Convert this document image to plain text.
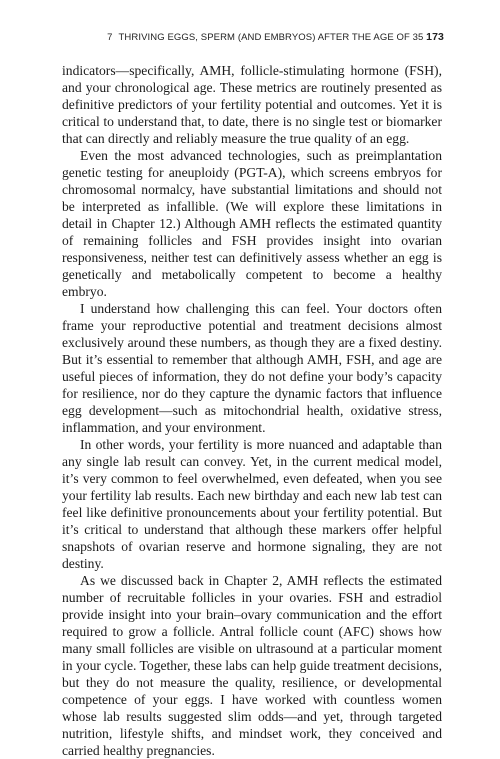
7 THRIVING EGGS, SPERM (AND EMBRYOS) AFTER THE AGE OF 35 173

indicators—specifically, AMH, follicle-stimulating hormone (FSH), and your chronological age. These metrics are routinely presented as definitive predictors of your fertility potential and outcomes. Yet it is critical to understand that, to date, there is no single test or biomarker that can directly and reliably measure the true quality of an egg.

Even the most advanced technologies, such as preimplantation genetic testing for aneuploidy (PGT-A), which screens embryos for chromosomal normalcy, have substantial limitations and should not be interpreted as infallible. (We will explore these limitations in detail in Chapter 12.) Although AMH reflects the estimated quantity of remaining follicles and FSH provides insight into ovarian responsiveness, neither test can definitively assess whether an egg is genetically and metabolically competent to become a healthy embryo.

I understand how challenging this can feel. Your doctors often frame your reproductive potential and treatment decisions almost exclusively around these numbers, as though they are a fixed destiny. But it’s essential to remember that although AMH, FSH, and age are useful pieces of information, they do not define your body’s capacity for resilience, nor do they capture the dynamic factors that influence egg development—such as mitochondrial health, oxidative stress, inflammation, and your environment.

In other words, your fertility is more nuanced and adaptable than any single lab result can convey. Yet, in the current medical model, it’s very common to feel overwhelmed, even defeated, when you see your fertility lab results. Each new birthday and each new lab test can feel like definitive pronouncements about your fertility potential. But it’s critical to understand that although these markers offer helpful snapshots of ovarian reserve and hormone signaling, they are not destiny.

As we discussed back in Chapter 2, AMH reflects the estimated number of recruitable follicles in your ovaries. FSH and estradiol provide insight into your brain–ovary communication and the effort required to grow a follicle. Antral follicle count (AFC) shows how many small follicles are visible on ultrasound at a particular moment in your cycle. Together, these labs can help guide treatment decisions, but they do not measure the quality, resilience, or developmental competence of your eggs. I have worked with countless women whose lab results suggested slim odds—and yet, through targeted nutrition, lifestyle shifts, and mindset work, they conceived and carried healthy pregnancies.
